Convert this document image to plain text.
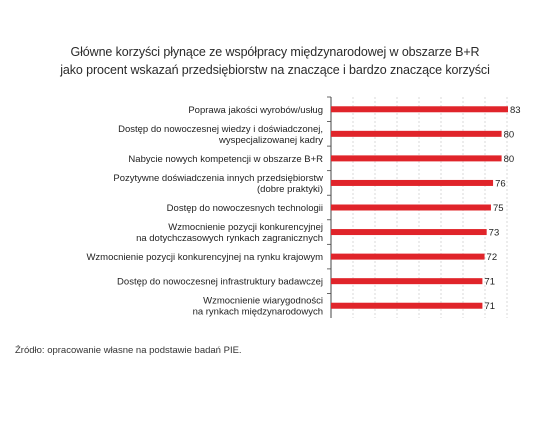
Główne korzyści płynące ze współpracy międzynarodowej w obszarze B+R
jako procent wskazań przedsiębiorstw na znaczące i bardzo znaczące korzyści
83
Poprawa jakości wyrobów/usług
80
Dostęp do nowoczesnej wiedzy i doświadczonej,
wyspecjalizowanej kadry
80
Nabycie nowych kompetencji w obszarze B+R
76
Pozytywne doświadczenia innych przedsiębiorstw
(dobre praktyki)
75
Dostęp do nowoczesnych technologii
73
Wzmocnienie pozycji konkurencyjnej
na dotychczasowych rynkach zagranicznych
72
Wzmocnienie pozycji konkurencyjnej na rynku krajowym
71
Dostęp do nowoczesnej infrastruktury badawczej
71
Wzmocnienie wiarygodności
na rynkach międzynarodowych
Źródło: opracowanie własne na podstawie badań PIE.
